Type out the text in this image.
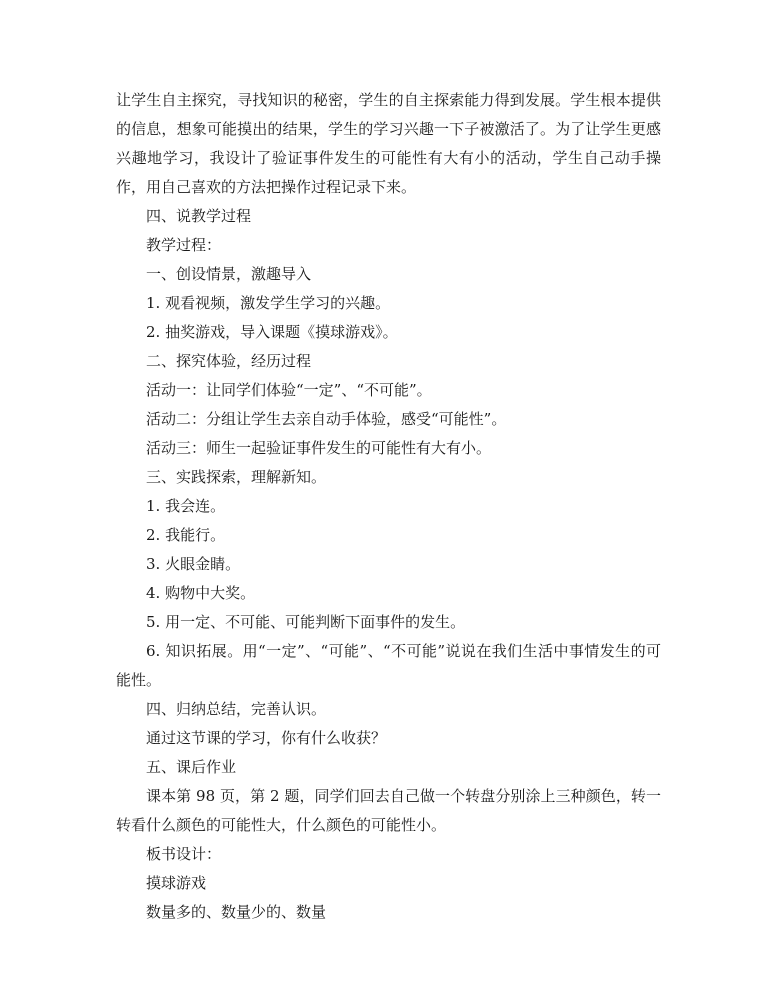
让学生自主探究，寻找知识的秘密，学生的自主探索能力得到发展。学生根本提供的信息，想象可能摸出的结果，学生的学习兴趣一下子被激活了。为了让学生更感兴趣地学习，我设计了验证事件发生的可能性有大有小的活动，学生自己动手操作，用自己喜欢的方法把操作过程记录下来。

四、说教学过程

教学过程：

一、创设情景，激趣导入

1. 观看视频，激发学生学习的兴趣。

2. 抽奖游戏，导入课题《摸球游戏》。

二、探究体验，经历过程

活动一：让同学们体验“一定”、“不可能”。

活动二：分组让学生去亲自动手体验，感受“可能性”。

活动三：师生一起验证事件发生的可能性有大有小。

三、实践探索，理解新知。

1. 我会连。

2. 我能行。

3. 火眼金睛。

4. 购物中大奖。

5. 用一定、不可能、可能判断下面事件的发生。

6. 知识拓展。用“一定”、“可能”、“不可能”说说在我们生活中事情发生的可能性。

四、归纳总结，完善认识。

通过这节课的学习，你有什么收获？

五、课后作业

课本第 98 页，第 2 题，同学们回去自己做一个转盘分别涂上三种颜色，转一转看什么颜色的可能性大，什么颜色的可能性小。

板书设计：

摸球游戏

数量多的、数量少的、数量
